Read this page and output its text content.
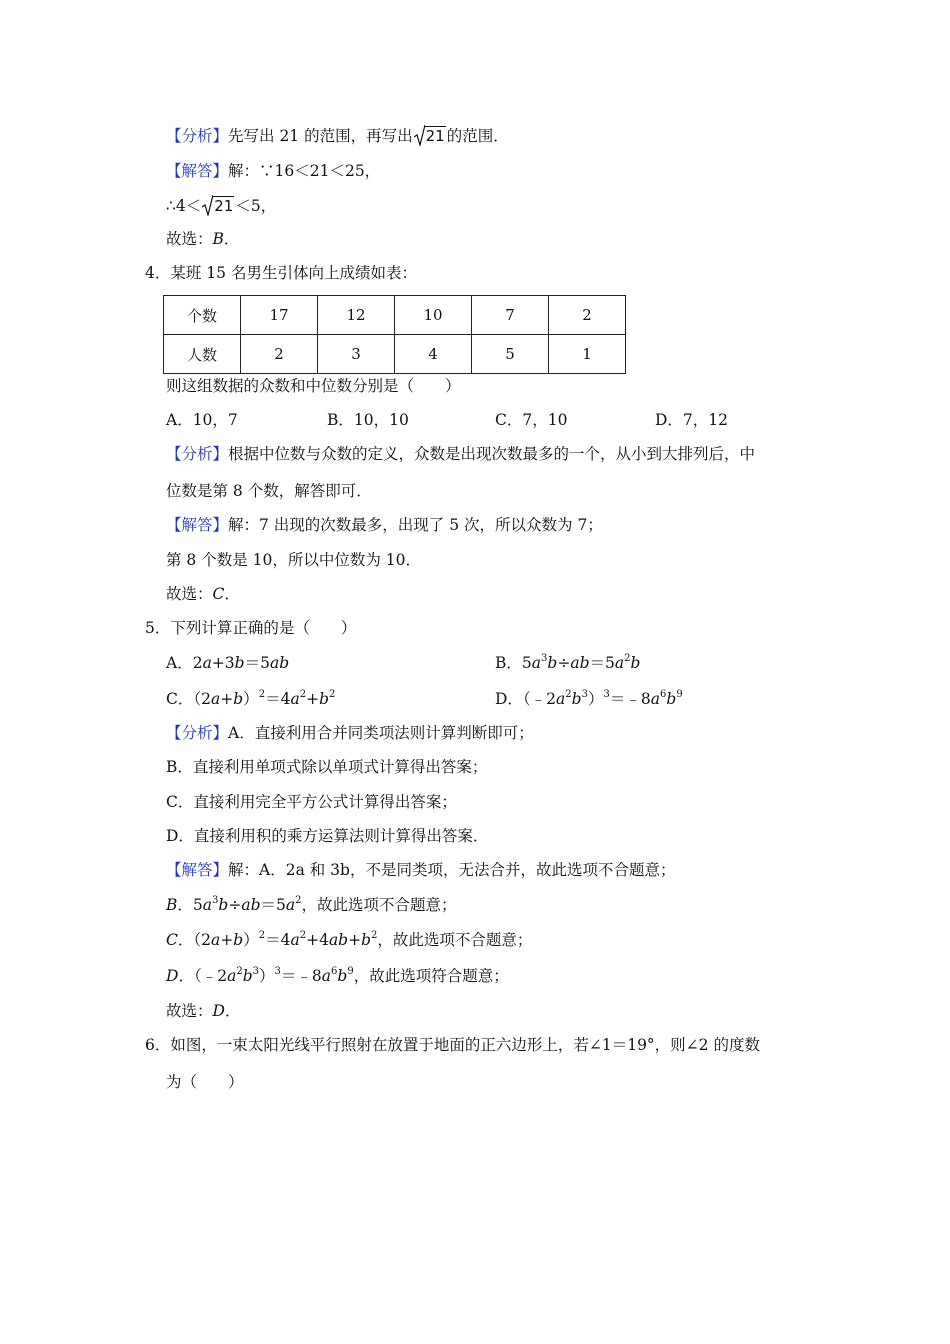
【分析】先写出 21 的范围，再写出 21 的范围．
【解答】解：∵16＜21＜25，
∴4＜ 21 ＜5，
故选：B．
4．某班 15 名男生引体向上成绩如表：
个数	17	12	10	7	2
人数	2	3	4	5	1
则这组数据的众数和中位数分别是（　　）
A．10，7	B．10，10	C．7，10	D．7，12
【分析】根据中位数与众数的定义，众数是出现次数最多的一个，从小到大排列后，中
位数是第 8 个数，解答即可．
【解答】解：7 出现的次数最多，出现了 5 次，所以众数为 7；
第 8 个数是 10，所以中位数为 10．
故选：C．
5．下列计算正确的是（　　）
A．2a+3b＝5ab	B．$5a^3b\div ab=5a^2b$
C．$(2a+b)^2=4a^2+b^2$	D．$(﹣2a^2b^3)^3=﹣8a^6b^9$
【分析】A．直接利用合并同类项法则计算判断即可；
B．直接利用单项式除以单项式计算得出答案；
C．直接利用完全平方公式计算得出答案；
D．直接利用积的乘方运算法则计算得出答案．
【解答】解：A．2a 和 3b，不是同类项，无法合并，故此选项不合题意；
B．$5a^3b\div ab=5a^2$，故此选项不合题意；
C．$(2a+b)^2=4a^2+4ab+b^2$，故此选项不合题意；
D．$(﹣2a^2b^3)^3=﹣8a^6b^9$，故此选项符合题意；
故选：D．
6．如图，一束太阳光线平行照射在放置于地面的正六边形上，若∠1＝19°，则∠2 的度数
为（　　）
